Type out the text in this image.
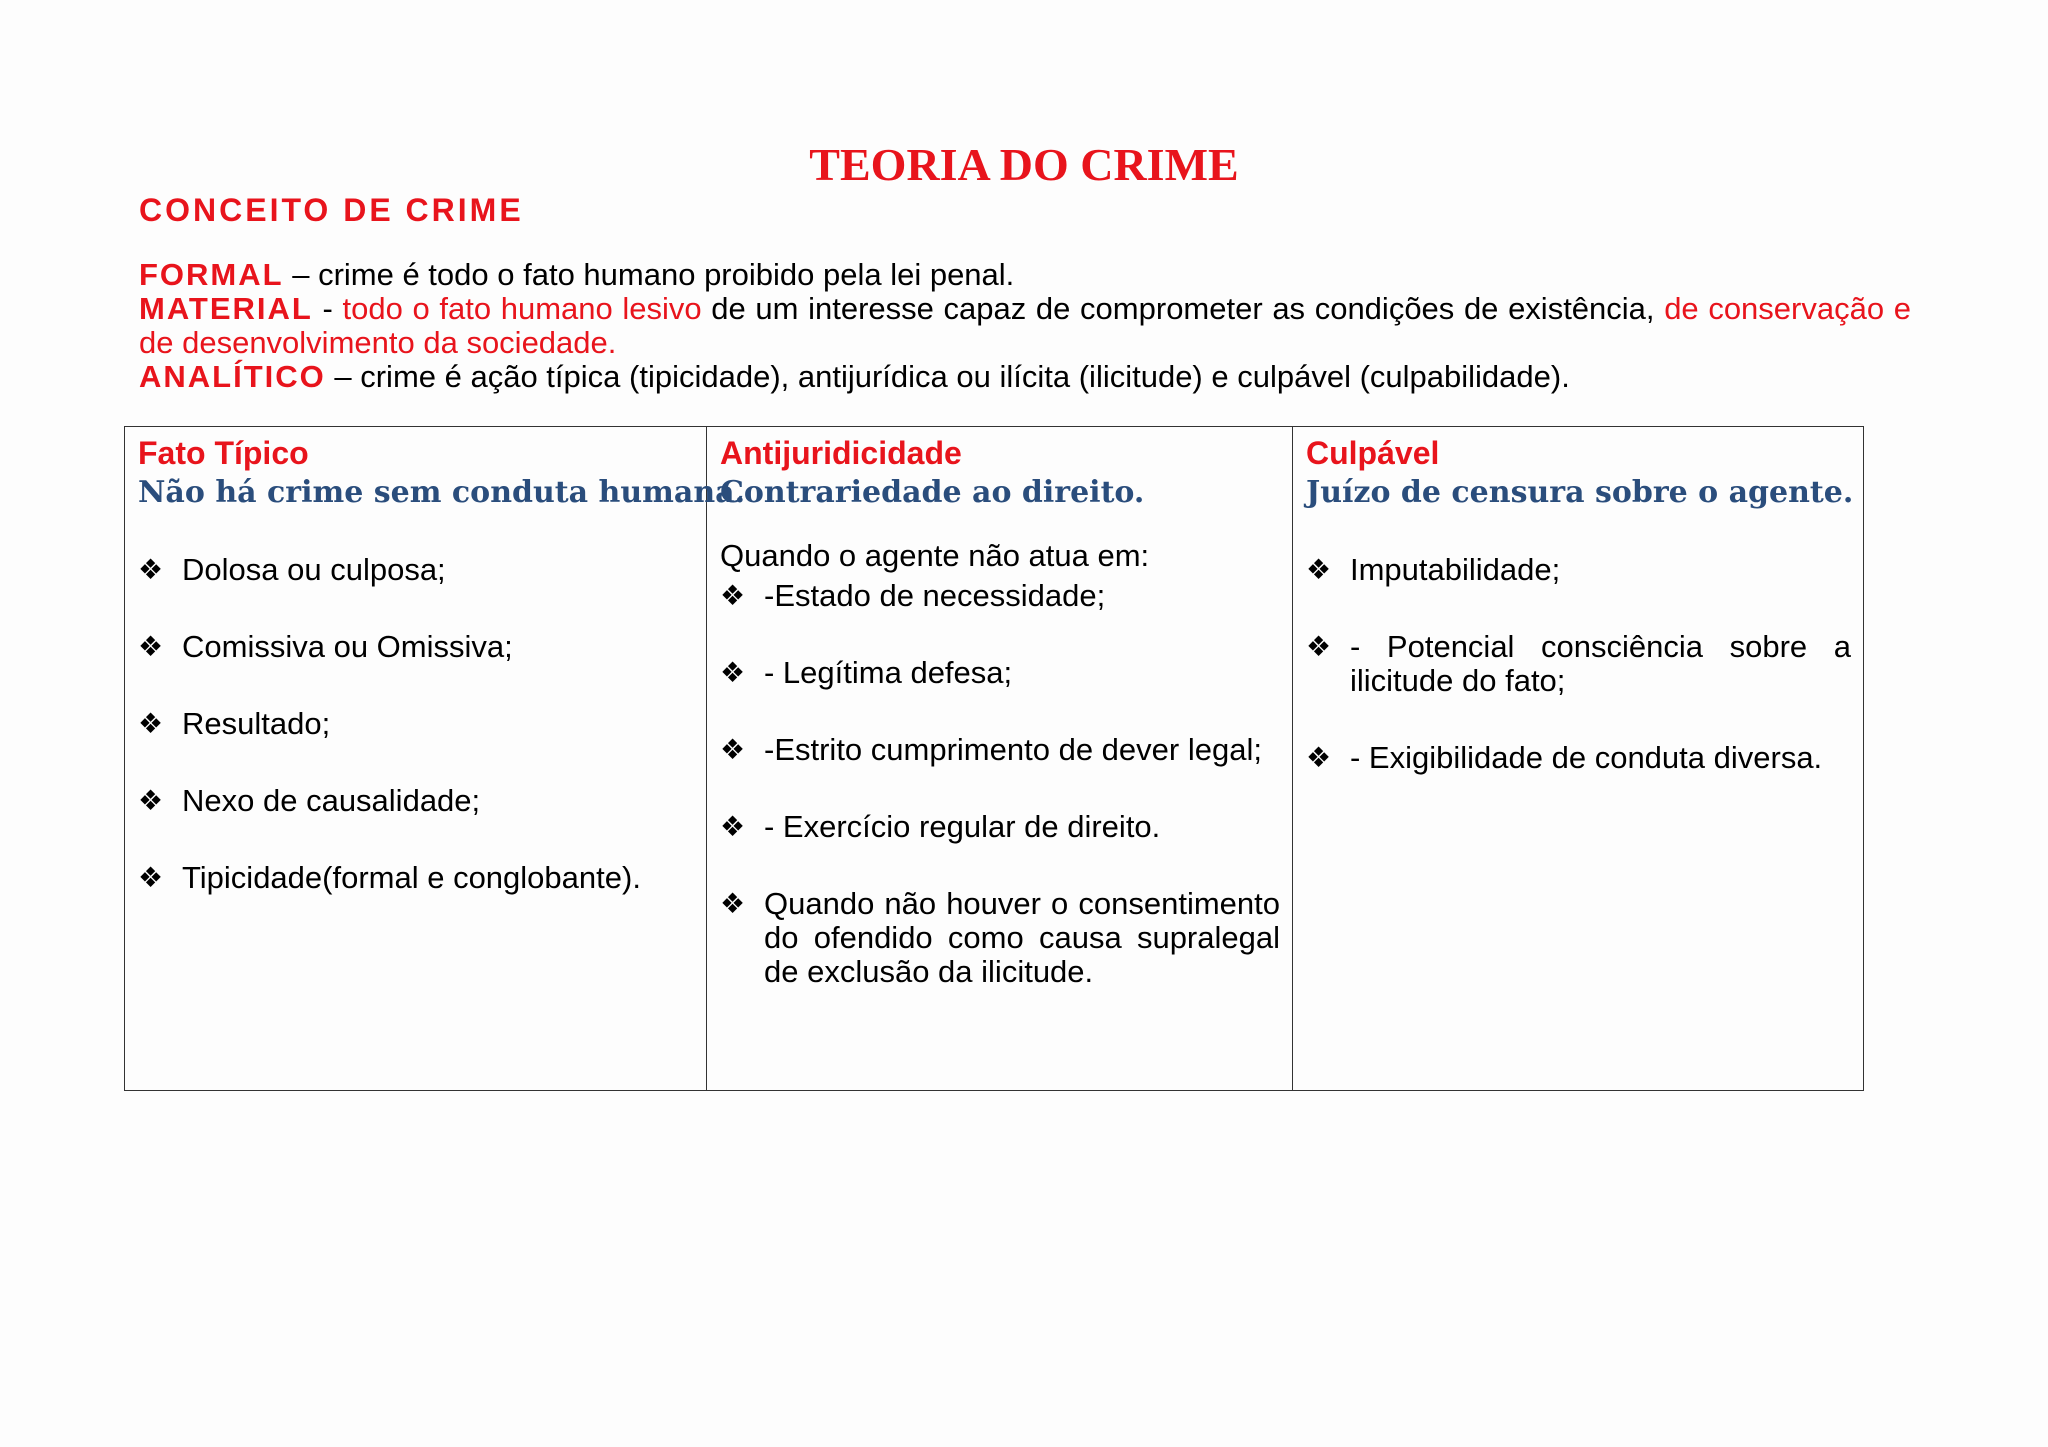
TEORIA DO CRIME
CONCEITO DE CRIME

FORMAL – crime é todo o fato humano proibido pela lei penal.

MATERIAL - todo o fato humano lesivo de um interesse capaz de comprometer as condições de existência, de conservação e de desenvolvimento da sociedade.

ANALÍTICO – crime é ação típica (tipicidade), antijurídica ou ilícita (ilicitude) e culpável (culpabilidade).

Fato Típico

Não há crime sem conduta humana.

❖ Dolosa ou culposa;
❖ Comissiva ou Omissiva;
❖ Resultado;
❖ Nexo de causalidade;
❖ Tipicidade(formal e conglobante).

Antijuridicidade

Contrariedade ao direito.

Quando o agente não atua em:

❖ -Estado de necessidade;
❖ - Legítima defesa;
❖ -Estrito cumprimento de dever legal;
❖ - Exercício regular de direito.
❖ Quando não houver o consentimento do ofendido como causa supralegal de exclusão da ilicitude.

Culpável

Juízo de censura sobre o agente.

❖ Imputabilidade;
❖ - Potencial consciência sobre a ilicitude do fato;
❖ - Exigibilidade de conduta diversa.
